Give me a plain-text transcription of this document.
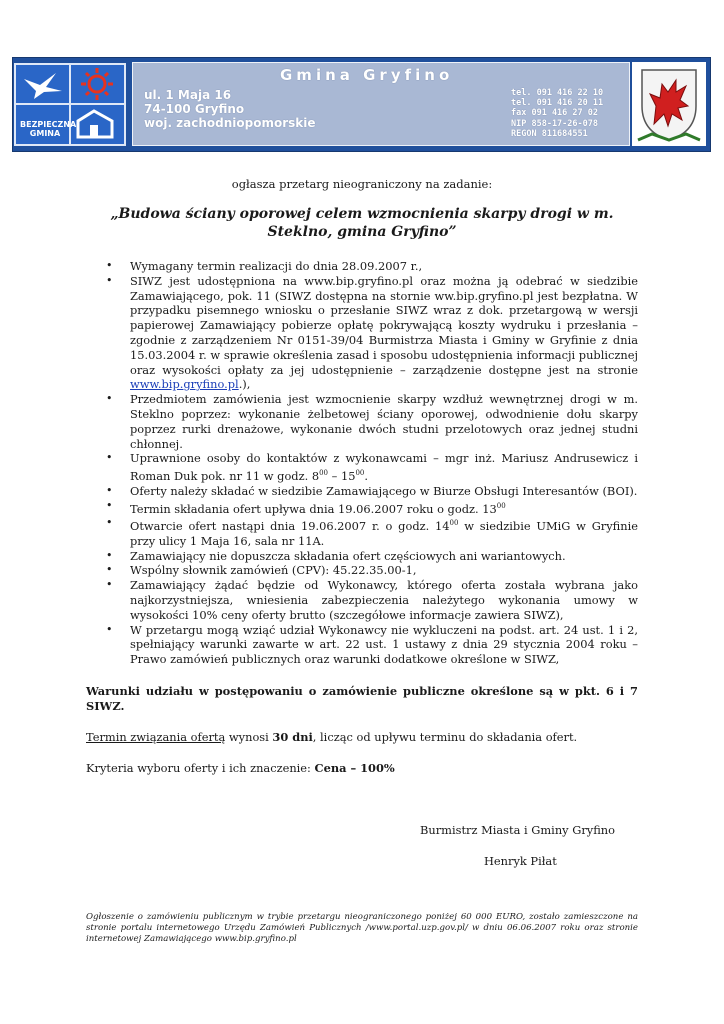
BEZPIECZNA GMINA
Gmina Gryfino
ul. 1 Maja 16
74-100 Gryfino
woj. zachodniopomorskie
tel. 091 416 22 10
tel. 091 416 20 11
fax 091 416 27 02
NIP 858-17-26-078
REGON 811684551
ogłasza przetarg nieograniczony na zadanie:
„Budowa ściany oporowej celem wzmocnienia skarpy drogi w m.
Steklno, gmina Gryfino”
• Wymagany termin realizacji do dnia 28.09.2007 r.,
• SIWZ jest udostępniona na www.bip.gryfino.pl oraz można ją odebrać w siedzibie Zamawiającego, pok. 11 (SIWZ dostępna na stornie ww.bip.gryfino.pl jest bezpłatna. W przypadku pisemnego wniosku o przesłanie SIWZ wraz z dok. przetargową w wersji papierowej Zamawiający pobierze opłatę pokrywającą koszty wydruku i przesłania – zgodnie z zarządzeniem Nr 0151-39/04 Burmistrza Miasta i Gminy w Gryfinie z dnia 15.03.2004 r. w sprawie określenia zasad i sposobu udostępnienia informacji publicznej oraz wysokości opłaty za jej udostępnienie – zarządzenie dostępne jest na stronie www.bip.gryfino.pl.),
• Przedmiotem zamówienia jest wzmocnienie skarpy wzdłuż wewnętrznej drogi w m. Steklno poprzez: wykonanie żelbetowej ściany oporowej, odwodnienie dołu skarpy poprzez rurki drenażowe, wykonanie dwóch studni przelotowych oraz jednej studni chłonnej.
• Uprawnione osoby do kontaktów z wykonawcami – mgr inż. Mariusz Andrusewicz i Roman Duk pok. nr 11 w godz. $8^{00} - 15^{00}$.
• Oferty należy składać w siedzibie Zamawiającego w Biurze Obsługi Interesantów (BOI).
• Termin składania ofert upływa dnia 19.06.2007 roku o godz. $13^{00}$
• Otwarcie ofert nastąpi dnia 19.06.2007 r. o godz. $14^{00}$ w siedzibie UMiG w Gryfinie przy ulicy 1 Maja 16, sala nr 11A.
• Zamawiający nie dopuszcza składania ofert częściowych ani wariantowych.
• Wspólny słownik zamówień (CPV): 45.22.35.00-1,
• Zamawiający żądać będzie od Wykonawcy, którego oferta została wybrana jako najkorzystniejsza, wniesienia zabezpieczenia należytego wykonania umowy w wysokości 10% ceny oferty brutto (szczegółowe informacje zawiera SIWZ),
• W przetargu mogą wziąć udział Wykonawcy nie wykluczeni na podst. art. 24 ust. 1 i 2, spełniający warunki zawarte w art. 22 ust. 1 ustawy z dnia 29 stycznia 2004 roku – Prawo zamówień publicznych oraz warunki dodatkowe określone w SIWZ,
Warunki udziału w postępowaniu o zamówienie publiczne określone są w pkt. 6 i 7 SIWZ.
Termin związania ofertą wynosi 30 dni, licząc od upływu terminu do składania ofert.
Kryteria wyboru oferty i ich znaczenie: Cena – 100%
Burmistrz Miasta i Gminy Gryfino
Henryk Piłat
Ogłoszenie o zamówieniu publicznym w trybie przetargu nieograniczonego poniżej 60 000 EURO, zostało zamieszczone na stronie portalu internetowego Urzędu Zamówień Publicznych /www.portal.uzp.gov.pl/ w dniu 06.06.2007 roku oraz stronie internetowej Zamawiającego www.bip.gryfino.pl
